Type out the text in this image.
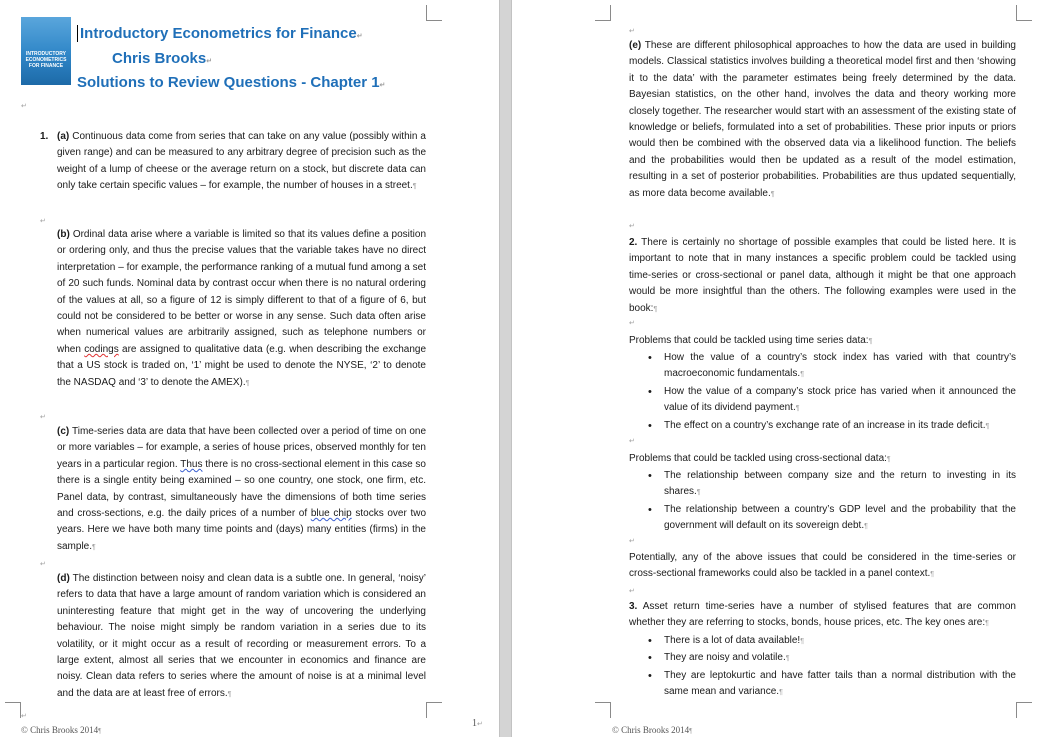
INTRODUCTORY
ECONOMETRICS
FOR FINANCE
Introductory Econometrics for Finance↵
Chris Brooks↵
Solutions to Review Questions - Chapter 1↵
↵
1. (a) Continuous data come from series that can take on any value (possibly within a given range) and can be measured to any arbitrary degree of precision such as the weight of a lump of cheese or the average return on a stock, but discrete data can only take certain specific values – for example, the number of houses in a street.¶
↵
(b) Ordinal data arise where a variable is limited so that its values define a position or ordering only, and thus the precise values that the variable takes have no direct interpretation – for example, the performance ranking of a mutual fund among a set of 20 such funds. Nominal data by contrast occur when there is no natural ordering of the values at all, so a figure of 12 is simply different to that of a figure of 6, but could not be considered to be better or worse in any sense. Such data often arise when numerical values are arbitrarily assigned, such as telephone numbers or when codings are assigned to qualitative data (e.g. when describing the exchange that a US stock is traded on, ‘1’ might be used to denote the NYSE, ‘2’ to denote the NASDAQ and ‘3’ to denote the AMEX).¶
↵
(c) Time-series data are data that have been collected over a period of time on one or more variables – for example, a series of house prices, observed monthly for ten years in a particular region. Thus there is no cross-sectional element in this case so there is a single entity being examined – so one country, one stock, one firm, etc. Panel data, by contrast, simultaneously have the dimensions of both time series and cross-sections, e.g. the daily prices of a number of blue chip stocks over two years. Here we have both many time points and (days) many entities (firms) in the sample.¶
↵
(d) The distinction between noisy and clean data is a subtle one. In general, ‘noisy’ refers to data that have a large amount of random variation which is considered an uninteresting feature that might get in the way of uncovering the underlying behaviour. The noise might simply be random variation in a series due to its volatility, or it might occur as a result of recording or measurement errors. To a large extent, almost all series that we encounter in economics and finance are noisy. Clean data refers to series where the amount of noise is at a minimal level and the data are at least free of errors.¶
↵
© Chris Brooks 2014¶
1↵
↵
(e) These are different philosophical approaches to how the data are used in building models. Classical statistics involves building a theoretical model first and then ‘showing it to the data’ with the parameter estimates being freely determined by the data. Bayesian statistics, on the other hand, involves the data and theory working more closely together. The researcher would start with an assessment of the existing state of knowledge or beliefs, formulated into a set of probabilities. These prior inputs or priors would then be combined with the observed data via a likelihood function. The beliefs and the probabilities would then be updated as a result of the model estimation, resulting in a set of posterior probabilities. Probabilities are thus updated sequentially, as more data become available.¶
↵
2. There is certainly no shortage of possible examples that could be listed here. It is important to note that in many instances a specific problem could be tackled using time-series or cross-sectional or panel data, although it might be that one approach would be more insightful than the others. The following examples were used in the book:¶
↵
Problems that could be tackled using time series data:¶
• How the value of a country’s stock index has varied with that country’s macroeconomic fundamentals.¶
• How the value of a company’s stock price has varied when it announced the value of its dividend payment.¶
• The effect on a country’s exchange rate of an increase in its trade deficit.¶
↵
Problems that could be tackled using cross-sectional data:¶
• The relationship between company size and the return to investing in its shares.¶
• The relationship between a country’s GDP level and the probability that the government will default on its sovereign debt.¶
↵
Potentially, any of the above issues that could be considered in the time-series or cross-sectional frameworks could also be tackled in a panel context.¶
↵
3. Asset return time-series have a number of stylised features that are common whether they are referring to stocks, bonds, house prices, etc. The key ones are:¶
• There is a lot of data available!¶
• They are noisy and volatile.¶
• They are leptokurtic and have fatter tails than a normal distribution with the same mean and variance.¶
© Chris Brooks 2014¶
